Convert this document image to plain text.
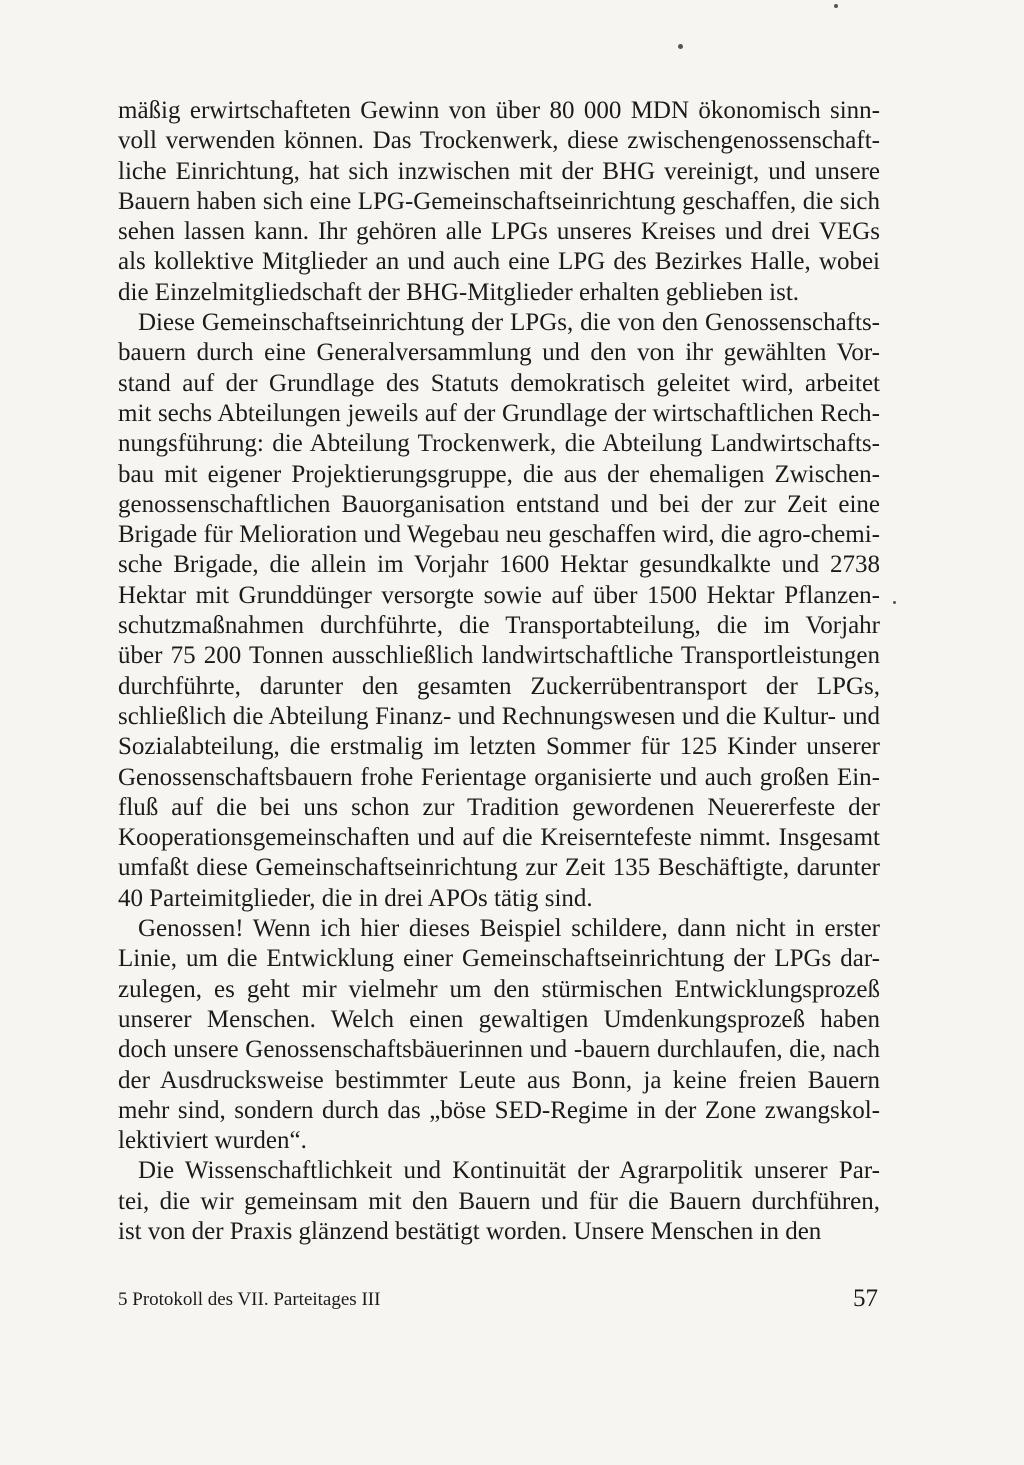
mäßig erwirtschafteten Gewinn von über 80 000 MDN ökonomisch sinn-
voll verwenden können. Das Trockenwerk, diese zwischengenossenschaft-
liche Einrichtung, hat sich inzwischen mit der BHG vereinigt, und unsere
Bauern haben sich eine LPG-Gemeinschaftseinrichtung geschaffen, die sich
sehen lassen kann. Ihr gehören alle LPGs unseres Kreises und drei VEGs
als kollektive Mitglieder an und auch eine LPG des Bezirkes Halle, wobei
die Einzelmitgliedschaft der BHG-Mitglieder erhalten geblieben ist.
Diese Gemeinschaftseinrichtung der LPGs, die von den Genossenschafts-
bauern durch eine Generalversammlung und den von ihr gewählten Vor-
stand auf der Grundlage des Statuts demokratisch geleitet wird, arbeitet
mit sechs Abteilungen jeweils auf der Grundlage der wirtschaftlichen Rech-
nungsführung: die Abteilung Trockenwerk, die Abteilung Landwirtschafts-
bau mit eigener Projektierungsgruppe, die aus der ehemaligen Zwischen-
genossenschaftlichen Bauorganisation entstand und bei der zur Zeit eine
Brigade für Melioration und Wegebau neu geschaffen wird, die agro-chemi-
sche Brigade, die allein im Vorjahr 1600 Hektar gesundkalkte und 2738
Hektar mit Grunddünger versorgte sowie auf über 1500 Hektar Pflanzen-
schutzmaßnahmen durchführte, die Transportabteilung, die im Vorjahr
über 75 200 Tonnen ausschließlich landwirtschaftliche Transportleistungen
durchführte, darunter den gesamten Zuckerrübentransport der LPGs,
schließlich die Abteilung Finanz- und Rechnungswesen und die Kultur- und
Sozialabteilung, die erstmalig im letzten Sommer für 125 Kinder unserer
Genossenschaftsbauern frohe Ferientage organisierte und auch großen Ein-
fluß auf die bei uns schon zur Tradition gewordenen Neuererfeste der
Kooperationsgemeinschaften und auf die Kreiserntefeste nimmt. Insgesamt
umfaßt diese Gemeinschaftseinrichtung zur Zeit 135 Beschäftigte, darunter
40 Parteimitglieder, die in drei APOs tätig sind.
Genossen! Wenn ich hier dieses Beispiel schildere, dann nicht in erster
Linie, um die Entwicklung einer Gemeinschaftseinrichtung der LPGs dar-
zulegen, es geht mir vielmehr um den stürmischen Entwicklungsprozeß
unserer Menschen. Welch einen gewaltigen Umdenkungsprozeß haben
doch unsere Genossenschaftsbäuerinnen und -bauern durchlaufen, die, nach
der Ausdrucksweise bestimmter Leute aus Bonn, ja keine freien Bauern
mehr sind, sondern durch das „böse SED-Regime in der Zone zwangskol-
lektiviert wurden“.
Die Wissenschaftlichkeit und Kontinuität der Agrarpolitik unserer Par-
tei, die wir gemeinsam mit den Bauern und für die Bauern durchführen,
ist von der Praxis glänzend bestätigt worden. Unsere Menschen in den
5 Protokoll des VII. Parteitages III	57
